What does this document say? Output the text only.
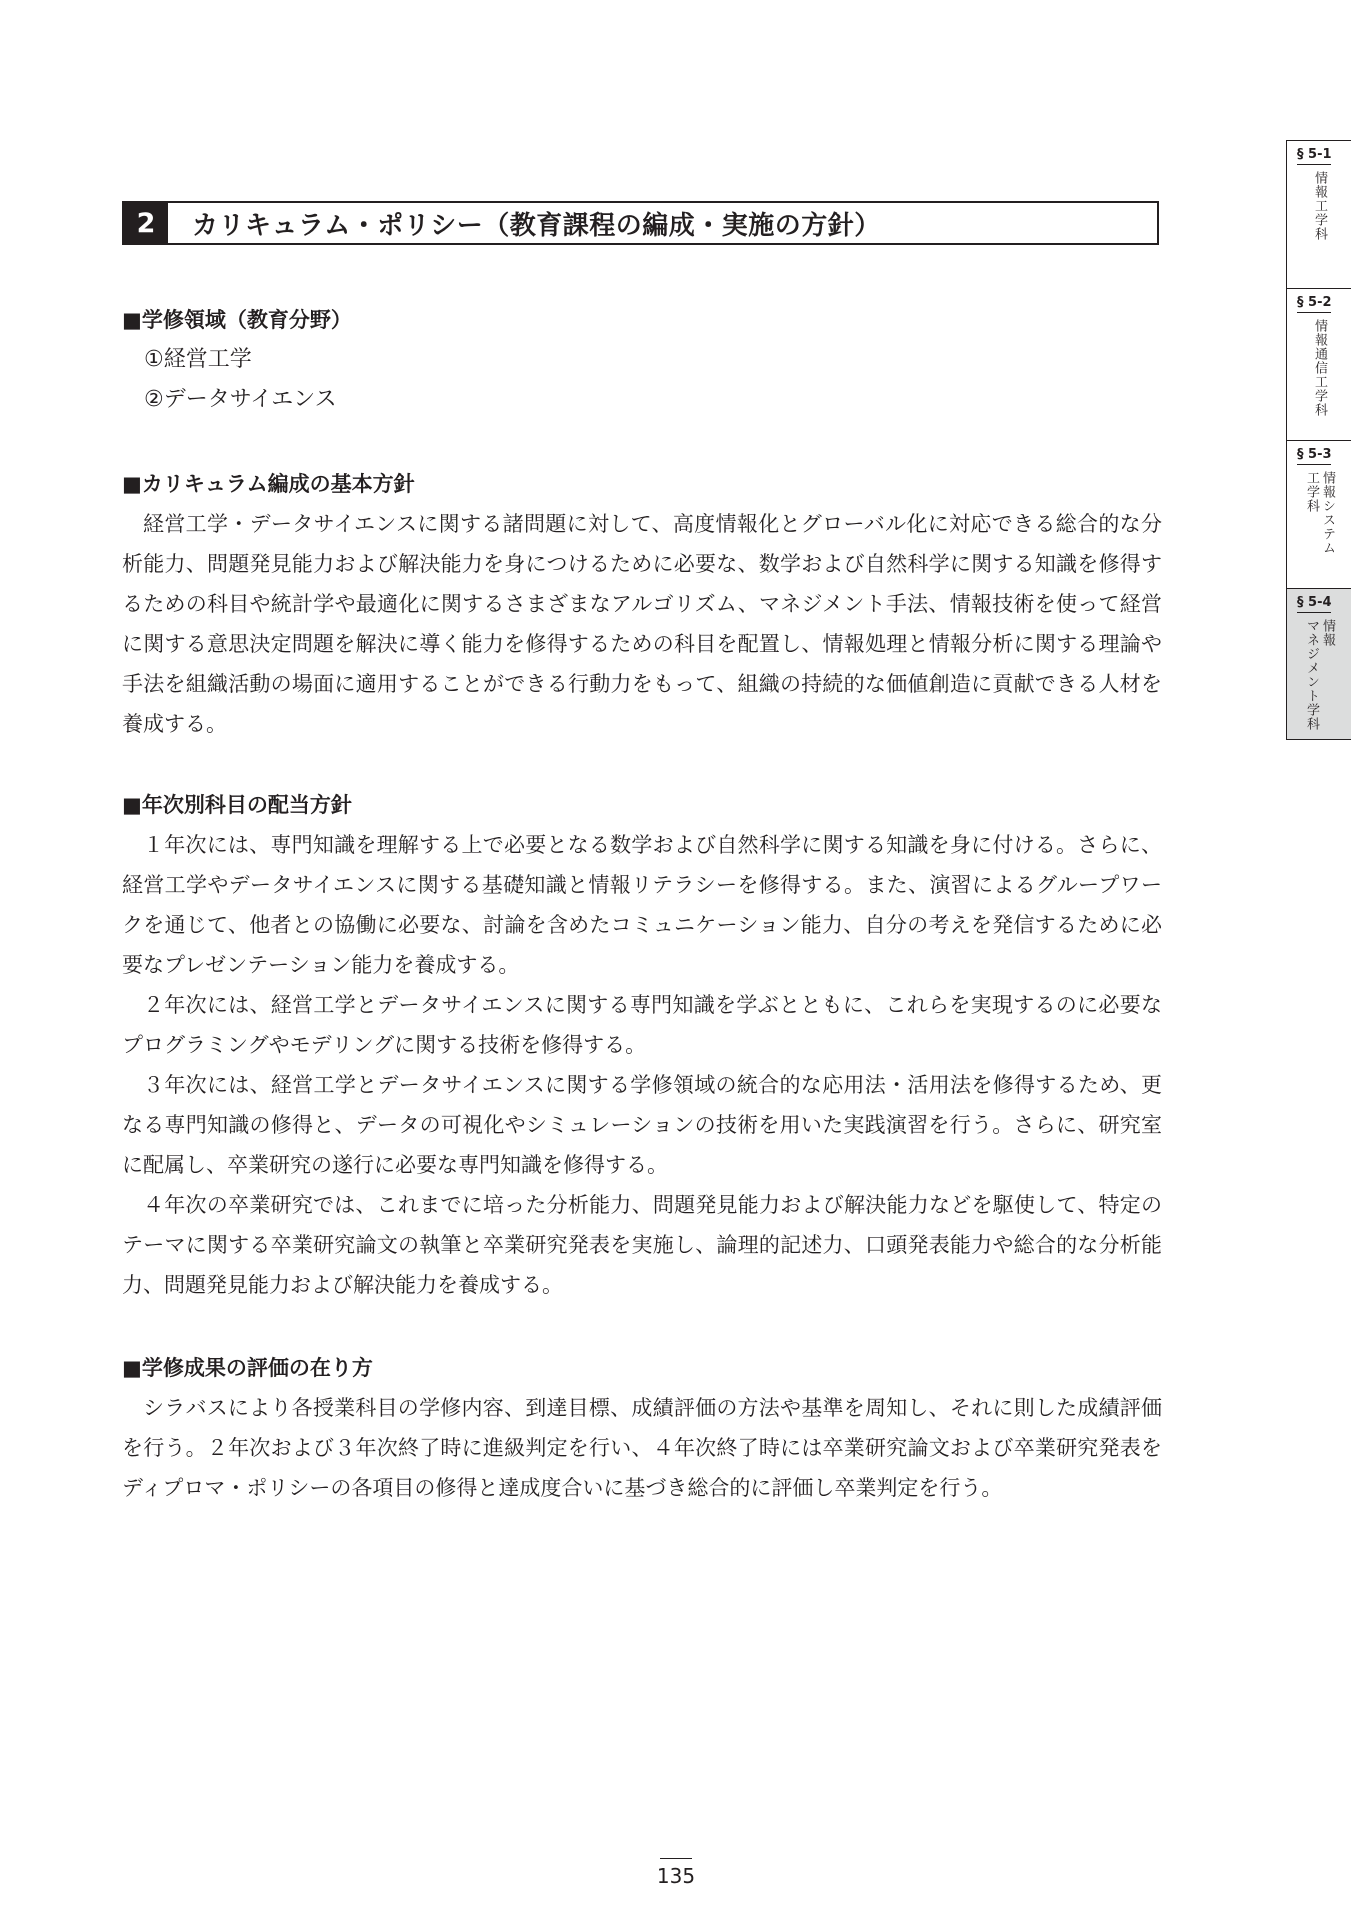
2	カリキュラム・ポリシー（教育課程の編成・実施の方針）
■学修領域（教育分野）
①経営工学
②データサイエンス
■カリキュラム編成の基本方針
経営工学・データサイエンスに関する諸問題に対して、高度情報化とグローバル化に対応できる総合的な分析能力、問題発見能力および解決能力を身につけるために必要な、数学および自然科学に関する知識を修得するための科目や統計学や最適化に関するさまざまなアルゴリズム、マネジメント手法、情報技術を使って経営に関する意思決定問題を解決に導く能力を修得するための科目を配置し、情報処理と情報分析に関する理論や手法を組織活動の場面に適用することができる行動力をもって、組織の持続的な価値創造に貢献できる人材を養成する。
■年次別科目の配当方針
１年次には、専門知識を理解する上で必要となる数学および自然科学に関する知識を身に付ける。さらに、経営工学やデータサイエンスに関する基礎知識と情報リテラシーを修得する。また、演習によるグループワークを通じて、他者との協働に必要な、討論を含めたコミュニケーション能力、自分の考えを発信するために必要なプレゼンテーション能力を養成する。
２年次には、経営工学とデータサイエンスに関する専門知識を学ぶとともに、これらを実現するのに必要なプログラミングやモデリングに関する技術を修得する。
３年次には、経営工学とデータサイエンスに関する学修領域の統合的な応用法・活用法を修得するため、更なる専門知識の修得と、データの可視化やシミュレーションの技術を用いた実践演習を行う。さらに、研究室に配属し、卒業研究の遂行に必要な専門知識を修得する。
４年次の卒業研究では、これまでに培った分析能力、問題発見能力および解決能力などを駆使して、特定のテーマに関する卒業研究論文の執筆と卒業研究発表を実施し、論理的記述力、口頭発表能力や総合的な分析能力、問題発見能力および解決能力を養成する。
■学修成果の評価の在り方
シラバスにより各授業科目の学修内容、到達目標、成績評価の方法や基準を周知し、それに則した成績評価を行う。２年次および３年次終了時に進級判定を行い、４年次終了時には卒業研究論文および卒業研究発表をディプロマ・ポリシーの各項目の修得と達成度合いに基づき総合的に評価し卒業判定を行う。
§ 5-1
情報工学科
§ 5-2
情報通信工学科
§ 5-3
情報システム
工学科
§ 5-4
情報
マネジメント学科
135
